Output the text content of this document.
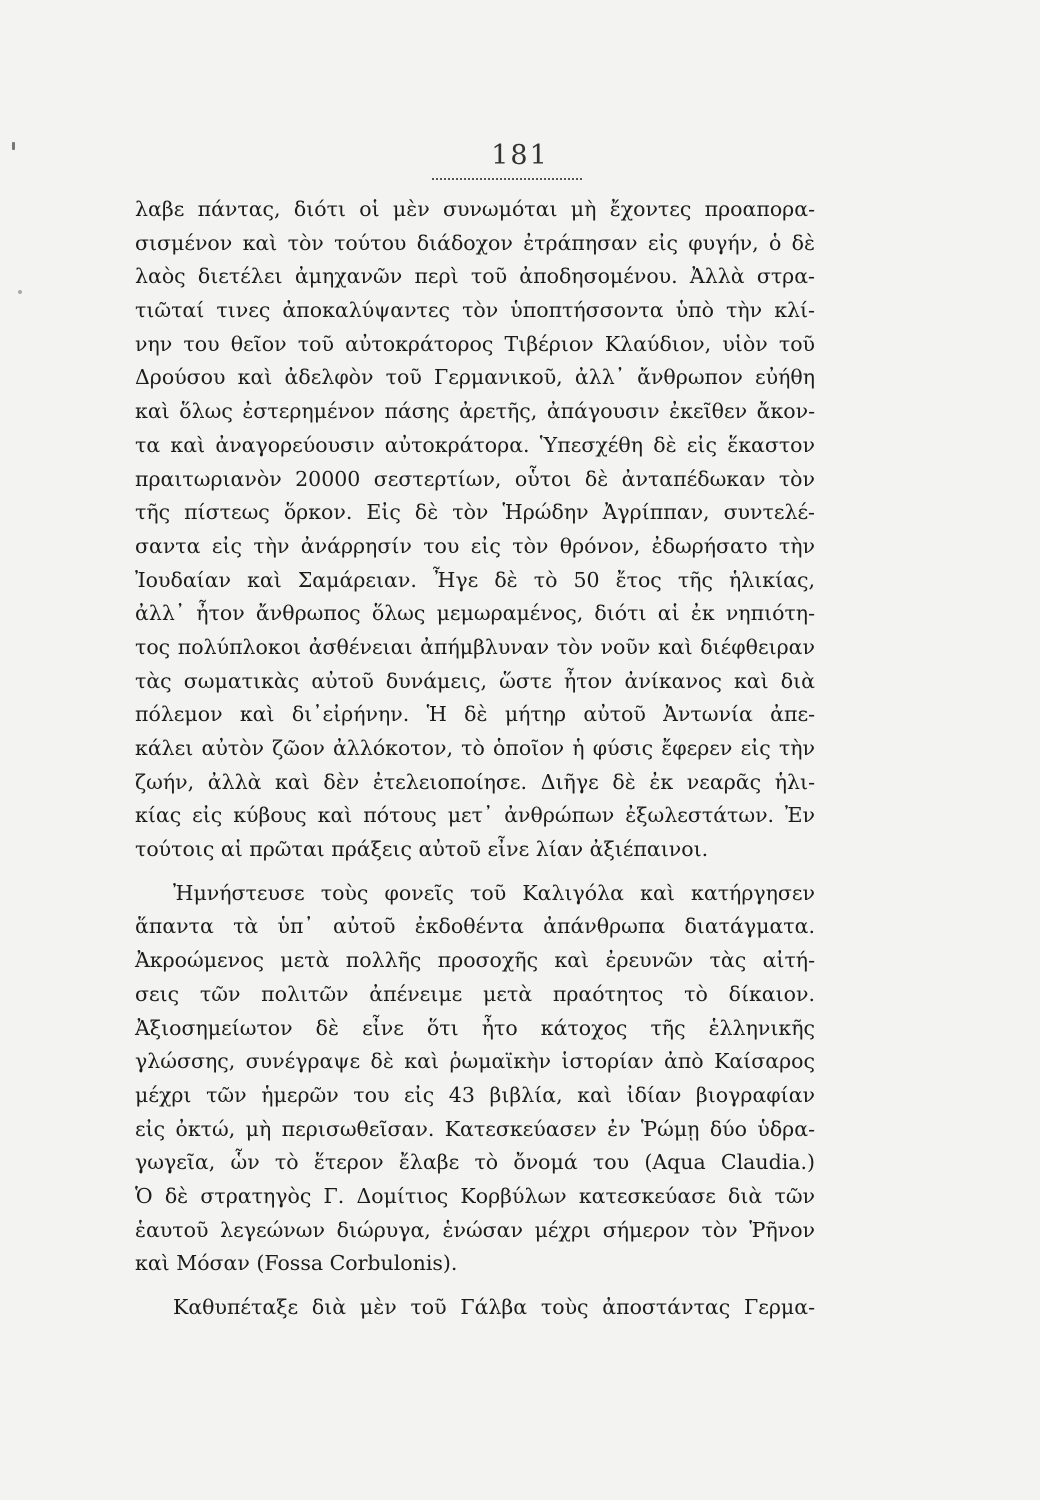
181
λαβε πάντας, διότι οἱ μὲν συνωμόται μὴ ἔχοντες προαπορα-
σισμένον καὶ τὸν τούτου διάδοχον ἐτράπησαν εἰς φυγήν, ὁ δὲ
λαὸς διετέλει ἀμηχανῶν περὶ τοῦ ἀποδησομένου. Ἀλλὰ στρα-
τιῶταί τινες ἀποκαλύψαντες τὸν ὑποπτήσσοντα ὑπὸ τὴν κλί-
νην του θεῖον τοῦ αὐτοκράτορος Τιβέριον Κλαύδιον, υἱὸν τοῦ
Δρούσου καὶ ἀδελφὸν τοῦ Γερμανικοῦ, ἀλλ᾽ ἄνθρωπον εὐήθη
καὶ ὅλως ἐστερημένον πάσης ἀρετῆς, ἀπάγουσιν ἐκεῖθεν ἄκον-
τα καὶ ἀναγορεύουσιν αὐτοκράτορα. Ὑπεσχέθη δὲ εἰς ἕκαστον
πραιτωριανὸν 20000 σεστερτίων, οὗτοι δὲ ἀνταπέδωκαν τὸν
τῆς πίστεως ὅρκον. Εἰς δὲ τὸν Ἡρώδην Ἀγρίππαν, συντελέ-
σαντα εἰς τὴν ἀνάρρησίν του εἰς τὸν θρόνον, ἐδωρήσατο τὴν
Ἰουδαίαν καὶ Σαμάρειαν. Ἦγε δὲ τὸ 50 ἔτος τῆς ἡλικίας,
ἀλλ᾽ ἦτον ἄνθρωπος ὅλως μεμωραμένος, διότι αἱ ἐκ νηπιότη-
τος πολύπλοκοι ἀσθένειαι ἀπήμβλυναν τὸν νοῦν καὶ διέφθειραν
τὰς σωματικὰς αὐτοῦ δυνάμεις, ὥστε ἦτον ἀνίκανος καὶ διὰ
πόλεμον καὶ δι᾽εἰρήνην. Ἡ δὲ μήτηρ αὐτοῦ Ἀντωνία ἀπε-
κάλει αὐτὸν ζῶον ἀλλόκοτον, τὸ ὁποῖον ἡ φύσις ἔφερεν εἰς τὴν
ζωήν, ἀλλὰ καὶ δὲν ἐτελειοποίησε. Διῆγε δὲ ἐκ νεαρᾶς ἡλι-
κίας εἰς κύβους καὶ πότους μετ᾽ ἀνθρώπων ἐξωλεστάτων. Ἐν
τούτοις αἱ πρῶται πράξεις αὐτοῦ εἶνε λίαν ἀξιέπαινοι.
Ἠμνήστευσε τοὺς φονεῖς τοῦ Καλιγόλα καὶ κατήργησεν
ἅπαντα τὰ ὑπ᾽ αὐτοῦ ἐκδοθέντα ἀπάνθρωπα διατάγματα.
Ἀκροώμενος μετὰ πολλῆς προσοχῆς καὶ ἐρευνῶν τὰς αἰτή-
σεις τῶν πολιτῶν ἀπένειμε μετὰ πραότητος τὸ δίκαιον.
Ἀξιοσημείωτον δὲ εἶνε ὅτι ἦτο κάτοχος τῆς ἑλληνικῆς
γλώσσης, συνέγραψε δὲ καὶ ῥωμαϊκὴν ἱστορίαν ἀπὸ Καίσαρος
μέχρι τῶν ἡμερῶν του εἰς 43 βιβλία, καὶ ἰδίαν βιογραφίαν
εἰς ὀκτώ, μὴ περισωθεῖσαν. Κατεσκεύασεν ἐν Ῥώμῃ δύο ὑδρα-
γωγεῖα, ὧν τὸ ἕτερον ἔλαβε τὸ ὄνομά του (Aqua Claudia.)
Ὁ δὲ στρατηγὸς Γ. Δομίτιος Κορβύλων κατεσκεύασε διὰ τῶν
ἑαυτοῦ λεγεώνων διώρυγα, ἑνώσαν μέχρι σήμερον τὸν Ῥῆνον
καὶ Μόσαν (Fossa Corbulonis).
Καθυπέταξε διὰ μὲν τοῦ Γάλβα τοὺς ἀποστάντας Γερμα-
